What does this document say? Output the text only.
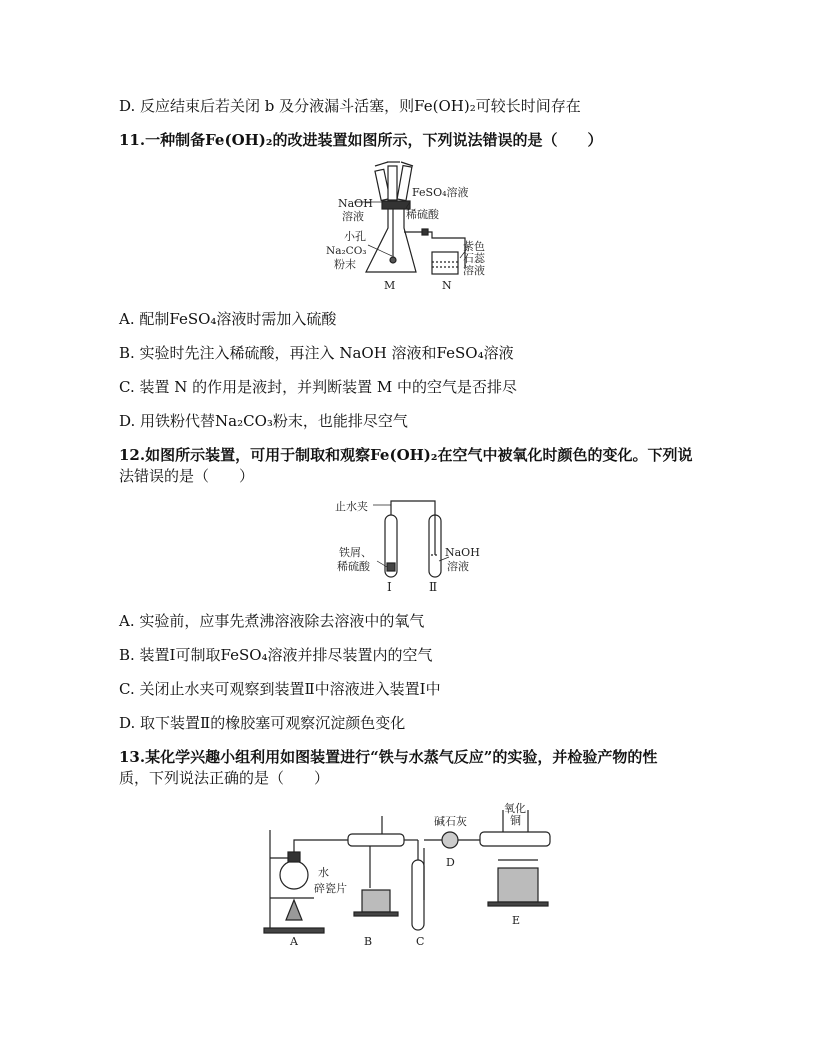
D. 反应结束后若关闭 b 及分液漏斗活塞，则Fe(OH)₂可较长时间存在
11.一种制备Fe(OH)₂的改进装置如图所示，下列说法错误的是（　　）
NaOH
溶液
FeSO₄溶液
稀硫酸
小孔
Na₂CO₃
粉末
M	N
紫色
石蕊
溶液
A. 配制FeSO₄溶液时需加入硫酸
B. 实验时先注入稀硫酸，再注入 NaOH 溶液和FeSO₄溶液
C. 装置 N 的作用是液封，并判断装置 M 中的空气是否排尽
D. 用铁粉代替Na₂CO₃粉末，也能排尽空气
12.如图所示装置，可用于制取和观察Fe(OH)₂在空气中被氧化时颜色的变化。下列说
法错误的是（　　）
止水夹
铁屑、
稀硫酸
NaOH
溶液
Ⅰ	Ⅱ
A. 实验前，应事先煮沸溶液除去溶液中的氧气
B. 装置Ⅰ可制取FeSO₄溶液并排尽装置内的空气
C. 关闭止水夹可观察到装置Ⅱ中溶液进入装置Ⅰ中
D. 取下装置Ⅱ的橡胶塞可观察沉淀颜色变化
13.某化学兴趣小组利用如图装置进行“铁与水蒸气反应”的实验，并检验产物的性
质，下列说法正确的是（　　）
水
碎瓷片
碱石灰
氧化
铜
A	B	C
D
E
